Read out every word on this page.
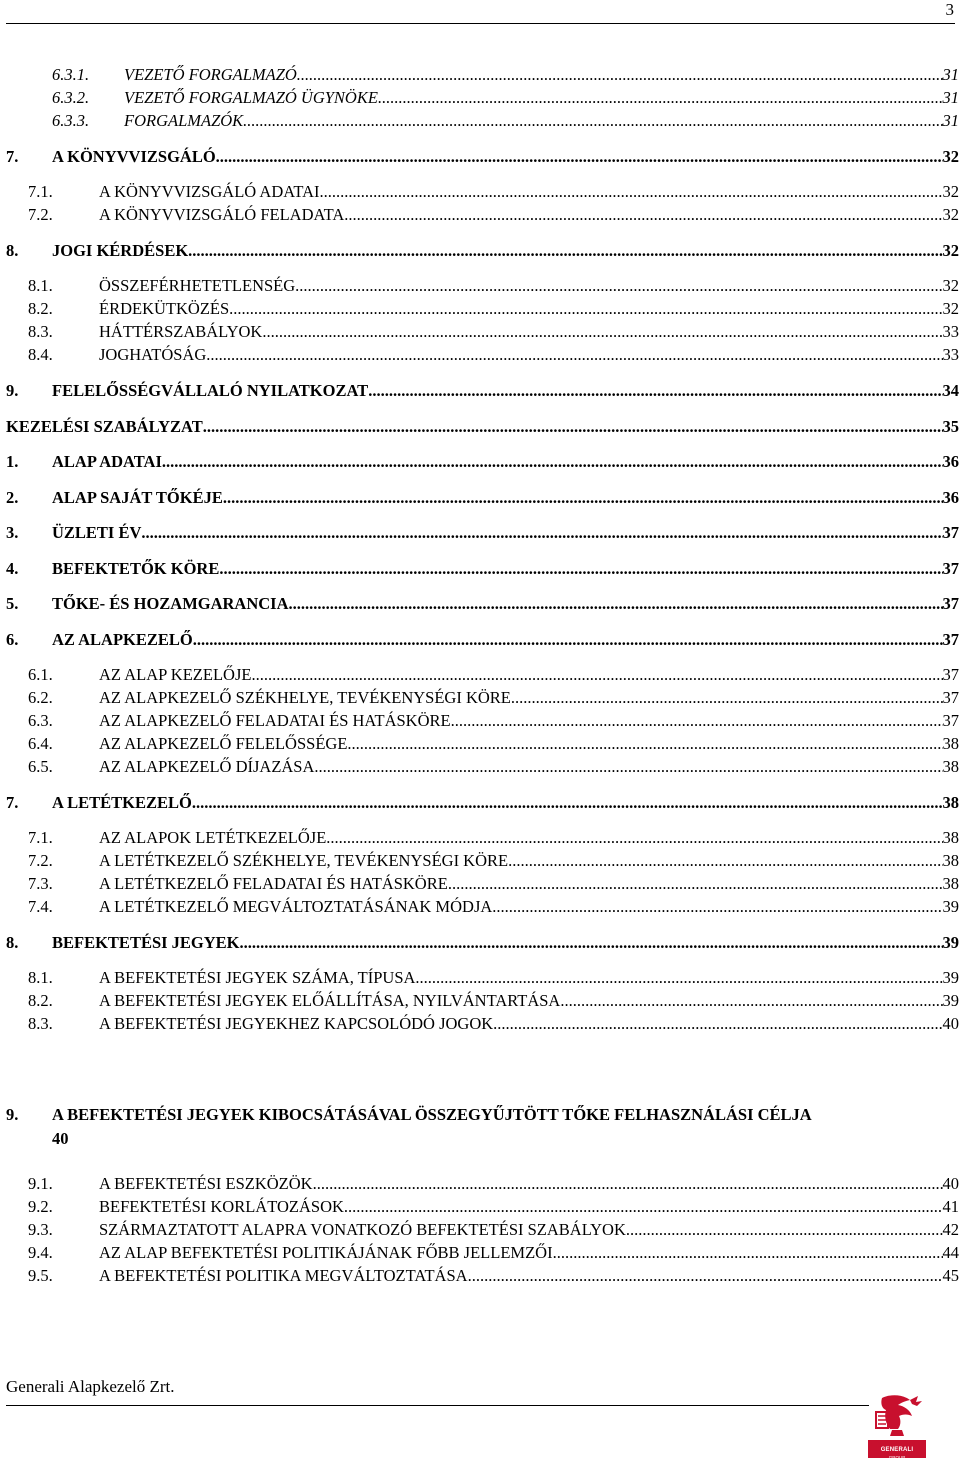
3
6.3.1.	VEZETŐ FORGALMAZÓ .....	31
6.3.2.	VEZETŐ FORGALMAZÓ ÜGYNÖKE .....	31
6.3.3.	FORGALMAZÓK .....	31
7.	A KÖNYVVIZSGÁLÓ .....	32
7.1.	A KÖNYVVIZSGÁLÓ ADATAI .....	32
7.2.	A KÖNYVVIZSGÁLÓ FELADATA .....	32
8.	JOGI KÉRDÉSEK .....	32
8.1.	ÖSSZEFÉRHETETLENSÉG .....	32
8.2.	ÉRDEKÜTKÖZÉS .....	32
8.3.	HÁTTÉRSZABÁLYOK .....	33
8.4.	JOGHATÓSÁG .....	33
9.	FELELŐSSÉGVÁLLALÓ NYILATKOZAT .....	34
KEZELÉSI SZABÁLYZAT .....	35
1.	ALAP ADATAI .....	36
2.	ALAP SAJÁT TŐKÉJE .....	36
3.	ÜZLETI ÉV .....	37
4.	BEFEKTETŐK KÖRE .....	37
5.	TŐKE- ÉS HOZAMGARANCIA .....	37
6.	AZ ALAPKEZELŐ .....	37
6.1.	AZ ALAP KEZELŐJE .....	37
6.2.	AZ ALAPKEZELŐ SZÉKHELYE, TEVÉKENYSÉGI KÖRE .....	37
6.3.	AZ ALAPKEZELŐ FELADATAI ÉS HATÁSKÖRE .....	37
6.4.	AZ ALAPKEZELŐ FELELŐSSÉGE .....	38
6.5.	AZ ALAPKEZELŐ DÍJAZÁSA .....	38
7.	A LETÉTKEZELŐ .....	38
7.1.	AZ ALAPOK LETÉTKEZELŐJE .....	38
7.2.	A LETÉTKEZELŐ SZÉKHELYE, TEVÉKENYSÉGI KÖRE .....	38
7.3.	A LETÉTKEZELŐ FELADATAI ÉS HATÁSKÖRE .....	38
7.4.	A LETÉTKEZELŐ MEGVÁLTOZTATÁSÁNAK MÓDJA .....	39
8.	BEFEKTETÉSI JEGYEK .....	39
8.1.	A BEFEKTETÉSI JEGYEK SZÁMA, TÍPUSA .....	39
8.2.	A BEFEKTETÉSI JEGYEK ELŐÁLLÍTÁSA, NYILVÁNTARTÁSA .....	39
8.3.	A BEFEKTETÉSI JEGYEKHEZ KAPCSOLÓDÓ JOGOK .....	40
9.	A BEFEKTETÉSI JEGYEK KIBOCSÁTÁSÁVAL ÖSSZEGYŰJTÖTT TŐKE FELHASZNÁLÁSI CÉLJA
40
9.1.	A BEFEKTETÉSI ESZKÖZÖK .....	40
9.2.	BEFEKTETÉSI KORLÁTOZÁSOK .....	41
9.3.	SZÁRMAZTATOTT ALAPRA VONATKOZÓ BEFEKTETÉSI SZABÁLYOK .....	42
9.4.	AZ ALAP BEFEKTETÉSI POLITIKÁJÁNAK FŐBB JELLEMZŐI .....	44
9.5.	A BEFEKTETÉSI POLITIKA MEGVÁLTOZTATÁSA .....	45
Generali Alapkezelő Zrt.
GENERALI
GROUP
